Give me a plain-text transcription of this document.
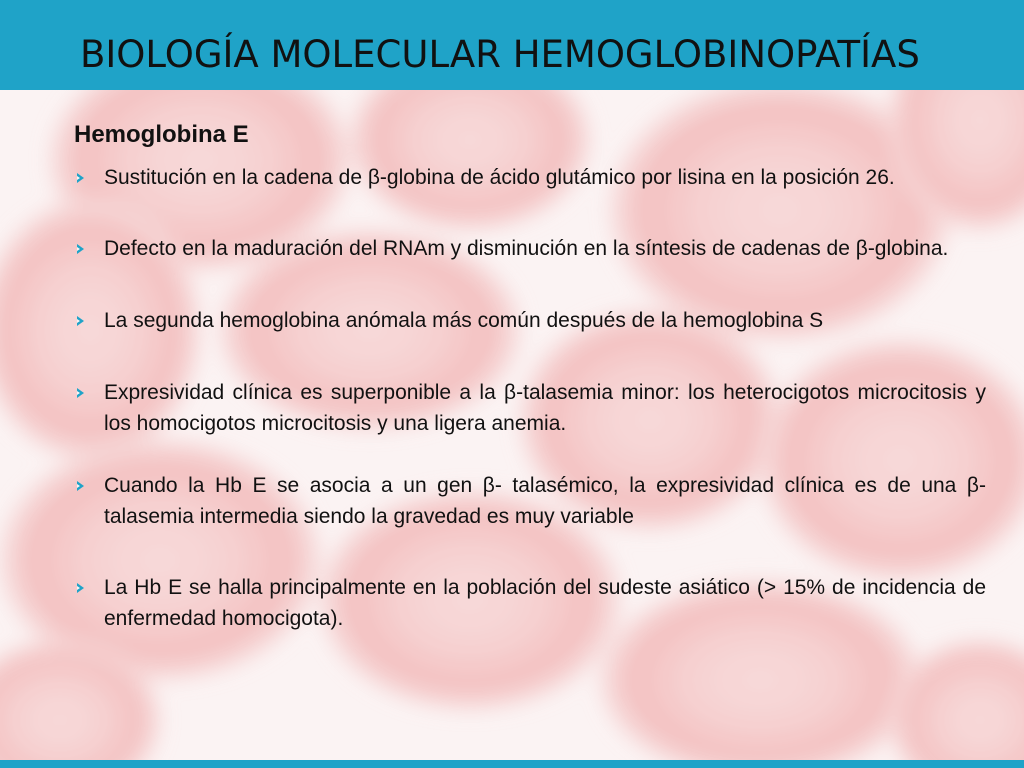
BIOLOGÍA MOLECULAR HEMOGLOBINOPATÍAS
Hemoglobina E
Sustitución en la cadena de β-globina de ácido glutámico por lisina en la posición 26.
Defecto en la maduración del RNAm y disminución en la síntesis de cadenas de β-globina.
La segunda hemoglobina anómala más común después de la hemoglobina S
Expresividad clínica es superponible a la β-talasemia minor: los heterocigotos microcitosis y los homocigotos microcitosis y una ligera anemia.
Cuando la Hb E se asocia a un gen β- talasémico, la expresividad clínica es de una β-talasemia intermedia siendo la gravedad es muy variable
La Hb E se halla principalmente en la población del sudeste asiático (> 15% de incidencia de enfermedad homocigota).
